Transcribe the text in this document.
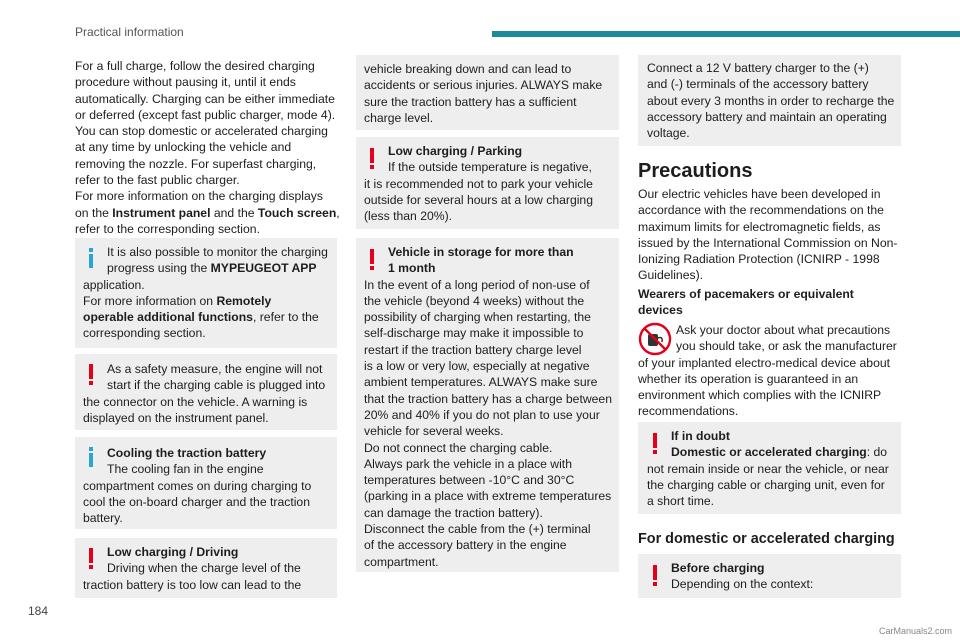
Practical information
For a full charge, follow the desired charging
procedure without pausing it, until it ends
automatically. Charging can be either immediate
or deferred (except fast public charger, mode 4).
You can stop domestic or accelerated charging
at any time by unlocking the vehicle and
removing the nozzle. For superfast charging,
refer to the fast public charger.
For more information on the charging displays
on the Instrument panel and the Touch screen,
refer to the corresponding section.
It is also possible to monitor the charging
progress using the MYPEUGEOT APP
application.
For more information on Remotely
operable additional functions, refer to the
corresponding section.
As a safety measure, the engine will not
start if the charging cable is plugged into
the connector on the vehicle. A warning is
displayed on the instrument panel.
Cooling the traction battery
The cooling fan in the engine
compartment comes on during charging to
cool the on-board charger and the traction
battery.
Low charging / Driving
Driving when the charge level of the
traction battery is too low can lead to the
vehicle breaking down and can lead to
accidents or serious injuries. ALWAYS make
sure the traction battery has a sufficient
charge level.
Low charging / Parking
If the outside temperature is negative,
it is recommended not to park your vehicle
outside for several hours at a low charging
(less than 20%).
Vehicle in storage for more than
1 month
In the event of a long period of non-use of
the vehicle (beyond 4 weeks) without the
possibility of charging when restarting, the
self-discharge may make it impossible to
restart if the traction battery charge level
is a low or very low, especially at negative
ambient temperatures. ALWAYS make sure
that the traction battery has a charge between
20% and 40% if you do not plan to use your
vehicle for several weeks.
Do not connect the charging cable.
Always park the vehicle in a place with
temperatures between -10°C and 30°C
(parking in a place with extreme temperatures
can damage the traction battery).
Disconnect the cable from the (+) terminal
of the accessory battery in the engine
compartment.
Connect a 12 V battery charger to the (+)
and (-) terminals of the accessory battery
about every 3 months in order to recharge the
accessory battery and maintain an operating
voltage.
Precautions
Our electric vehicles have been developed in
accordance with the recommendations on the
maximum limits for electromagnetic fields, as
issued by the International Commission on Non-
Ionizing Radiation Protection (ICNIRP - 1998
Guidelines).
Wearers of pacemakers or equivalent
devices
Ask your doctor about what precautions
you should take, or ask the manufacturer
of your implanted electro-medical device about
whether its operation is guaranteed in an
environment which complies with the ICNIRP
recommendations.
If in doubt
Domestic or accelerated charging: do
not remain inside or near the vehicle, or near
the charging cable or charging unit, even for
a short time.
For domestic or accelerated charging
Before charging
Depending on the context:
184
CarManuals2.com
